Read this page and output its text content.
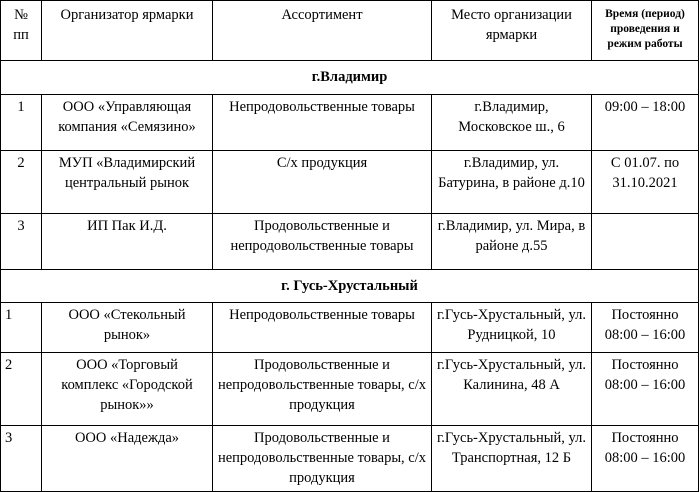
№ пп	Организатор ярмарки	Ассортимент	Место организации ярмарки	Время (период) проведения и режим работы
г.Владимир				
1	ООО «Управляющая компания «Семязино»	Непродовольственные товары	г.Владимир, Московское ш., 6	09:00 – 18:00
2	МУП «Владимирский центральный рынок	С/х продукция	г.Владимир, ул. Батурина, в районе д.10	С 01.07. по 31.10.2021
3	ИП Пак И.Д.	Продовольственные и непродовольственные товары	г.Владимир, ул. Мира, в районе д.55	
г. Гусь-Хрустальный				
1	ООО «Стекольный рынок»	Непродовольственные товары	г.Гусь-Хрустальный, ул. Рудницкой, 10	Постоянно 08:00 – 16:00
2	ООО «Торговый комплекс «Городской рынок»»	Продовольственные и непродовольственные товары, с/х продукция	г.Гусь-Хрустальный, ул. Калинина, 48 А	Постоянно 08:00 – 16:00
3	ООО «Надежда»	Продовольственные и непродовольственные товары, с/х продукция	г.Гусь-Хрустальный, ул. Транспортная, 12 Б	Постоянно 08:00 – 16:00
